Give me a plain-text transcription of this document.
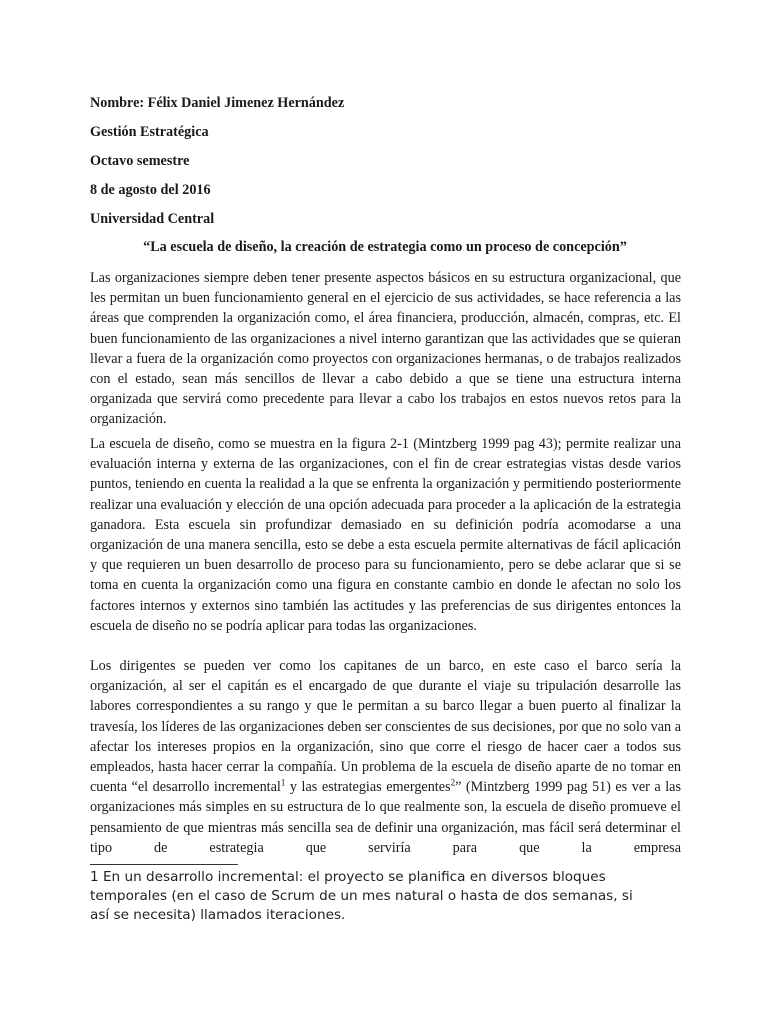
Nombre: Félix Daniel Jimenez Hernández

Gestión Estratégica

Octavo semestre

8 de agosto del 2016

Universidad Central

“La escuela de diseño, la creación de estrategia como un proceso de concepción”

Las organizaciones siempre deben tener presente aspectos básicos en su estructura organizacional, que les permitan un buen funcionamiento general en el ejercicio de sus actividades, se hace referencia a las áreas que comprenden la organización como, el área financiera, producción, almacén, compras, etc. El buen funcionamiento de las organizaciones a nivel interno garantizan que las actividades que se quieran llevar a fuera de la organización como proyectos con organizaciones hermanas, o de trabajos realizados con el estado, sean más sencillos de llevar a cabo debido a que se tiene una estructura interna organizada que servirá como precedente para llevar a cabo los trabajos en estos nuevos retos para la organización.

La escuela de diseño, como se muestra en la figura 2-1 (Mintzberg 1999 pag 43); permite realizar una evaluación interna y externa de las organizaciones, con el fin de crear estrategias vistas desde varios puntos, teniendo en cuenta la realidad a la que se enfrenta la organización y permitiendo posteriormente realizar una evaluación y elección de una opción adecuada para proceder a la aplicación de la estrategia ganadora. Esta escuela sin profundizar demasiado en su definición podría acomodarse a una organización de una manera sencilla, esto se debe a esta escuela permite alternativas de fácil aplicación y que requieren un buen desarrollo de proceso para su funcionamiento, pero se debe aclarar que si se toma en cuenta la organización como una figura en constante cambio en donde le afectan no solo los factores internos y externos sino también las actitudes y las preferencias de sus dirigentes entonces la escuela de diseño no se podría aplicar para todas las organizaciones.

Los dirigentes se pueden ver como los capitanes de un barco, en este caso el barco sería la organización, al ser el capitán es el encargado de que durante el viaje su tripulación desarrolle las labores correspondientes a su rango y que le permitan a su barco llegar a buen puerto al finalizar la travesía, los líderes de las organizaciones deben ser conscientes de sus decisiones, por que no solo van a afectar los intereses propios en la organización, sino que corre el riesgo de hacer caer a todos sus empleados, hasta hacer cerrar la compañía. Un problema de la escuela de diseño aparte de no tomar en cuenta “el desarrollo incremental$^1$ y las estrategias emergentes$^2$” (Mintzberg 1999 pag 51) es ver a las organizaciones más simples en su estructura de lo que realmente son, la escuela de diseño promueve el pensamiento de que mientras más sencilla sea de definir una organización, mas fácil será determinar el tipo de estrategia que serviría para que la empresa

1 En un desarrollo incremental: el proyecto se planifica en diversos bloques temporales (en el caso de Scrum de un mes natural o hasta de dos semanas, si así se necesita) llamados iteraciones.
